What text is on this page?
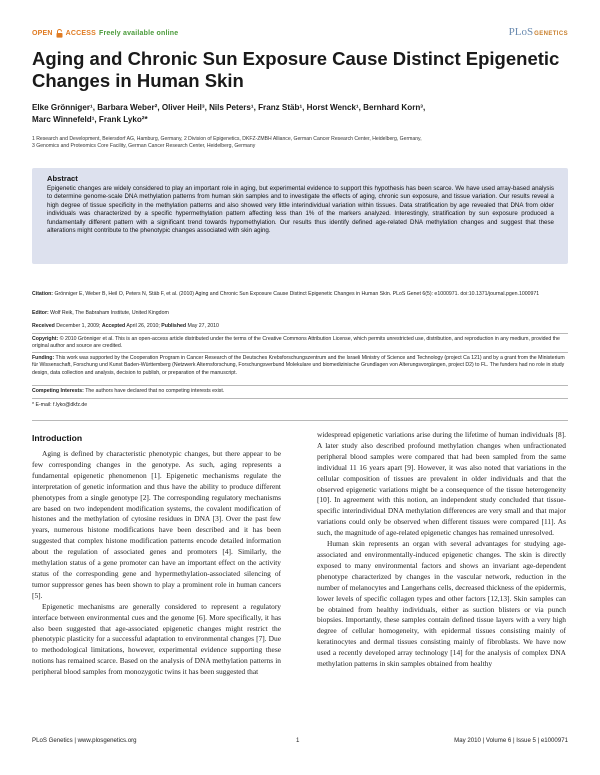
OPEN ACCESS Freely available online	PLoSGENETICS
Aging and Chronic Sun Exposure Cause Distinct Epigenetic Changes in Human Skin
Elke Grönniger¹, Barbara Weber², Oliver Heil³, Nils Peters¹, Franz Stäb¹, Horst Wenck¹, Bernhard Korn³,
Marc Winnefeld¹, Frank Lyko²*
1 Research and Development, Beiersdorf AG, Hamburg, Germany, 2 Division of Epigenetics, DKFZ-ZMBH Alliance, German Cancer Research Center, Heidelberg, Germany,
3 Genomics and Proteomics Core Facility, German Cancer Research Center, Heidelberg, Germany
Abstract

Epigenetic changes are widely considered to play an important role in aging, but experimental evidence to support this hypothesis has been scarce. We have used array-based analysis to determine genome-scale DNA methylation patterns from human skin samples and to investigate the effects of aging, chronic sun exposure, and tissue variation. Our results reveal a high degree of tissue specificity in the methylation patterns and also showed very little interindividual variation within tissues. Data stratification by age revealed that DNA from older individuals was characterized by a specific hypermethylation pattern affecting less than 1% of the markers analyzed. Interestingly, stratification by sun exposure produced a fundamentally different pattern with a significant trend towards hypomethylation. Our results thus identify defined age-related DNA methylation changes and suggest that these alterations might contribute to the phenotypic changes associated with skin aging.

Citation: Grönniger E, Weber B, Heil O, Peters N, Stäb F, et al. (2010) Aging and Chronic Sun Exposure Cause Distinct Epigenetic Changes in Human Skin. PLoS Genet 6(5): e1000971. doi:10.1371/journal.pgen.1000971
Editor: Wolf Reik, The Babraham Institute, United Kingdom
Received December 1, 2009; Accepted April 26, 2010; Published May 27, 2010
Copyright: © 2010 Grönniger et al. This is an open-access article distributed under the terms of the Creative Commons Attribution License, which permits unrestricted use, distribution, and reproduction in any medium, provided the original author and source are credited.
Funding: This work was supported by the Cooperation Program in Cancer Research of the Deutsches Krebsforschungszentrum and the Israeli Ministry of Science and Technology (project Ca 121) and by a grant from the Ministerium für Wissenschaft, Forschung und Kunst Baden-Württemberg (Netzwerk Alternsforschung, Forschungsverbund Molekulare und biomedizinische Grundlagen von Alterungsvorgängen, project D2) to FL. The funders had no role in study design, data collection and analysis, decision to publish, or preparation of the manuscript.
Competing Interests: The authors have declared that no competing interests exist.
* E-mail: f.lyko@dkfz.de
Introduction

Aging is defined by characteristic phenotypic changes, but there appear to be few corresponding changes in the genotype. As such, aging represents a fundamental epigenetic phenomenon [1]. Epigenetic mechanisms regulate the interpretation of genetic information and thus have the ability to produce different phenotypes from a single genotype [2]. The corresponding regulatory mechanisms are based on two independent modification systems, the covalent modification of histones and the methylation of cytosine residues in DNA [3]. Over the past few years, numerous histone modifications have been described and it has been suggested that complex histone modification patterns encode detailed information about the regulation of associated genes and promoters [4]. Similarly, the methylation status of a gene promoter can have an important effect on the activity status of the corresponding gene and hypermethylation-associated silencing of tumor suppressor genes has been shown to play a prominent role in human cancers [5].

Epigenetic mechanisms are generally considered to represent a regulatory interface between environmental cues and the genome [6]. More specifically, it has also been suggested that age-associated epigenetic changes might restrict the phenotypic plasticity for a successful adaptation to environmental changes [7]. Due to methodological limitations, however, experimental evidence supporting these notions has remained scarce. Based on the analysis of DNA methylation patterns in peripheral blood samples from monozygotic twins it has been suggested that

widespread epigenetic variations arise during the lifetime of human individuals [8]. A later study also described profound methylation changes when unfractionated peripheral blood samples were compared that had been sampled from the same individual 11 16 years apart [9]. However, it was also noted that variations in the cellular composition of tissues are prevalent in older individuals and that the observed epigenetic variations might be a consequence of the tissue heterogeneity [10]. In agreement with this notion, an independent study concluded that tissue-specific interindividual DNA methylation differences are very small and that major variations could only be observed when different tissues were compared [11]. As such, the magnitude of age-related epigenetic changes has remained unresolved.

Human skin represents an organ with several advantages for studying age-associated and environmentally-induced epigenetic changes. The skin is directly exposed to many environmental factors and shows an invariant age-dependent phenotype characterized by changes in the vascular network, reduction in the number of melanocytes and Langerhans cells, decreased thickness of the epidermis, lower levels of specific collagen types and other factors [12,13]. Skin samples can be obtained from healthy individuals, either as suction blisters or via punch biopsies. Importantly, these samples contain defined tissue layers with a very high degree of cellular homogeneity, with epidermal tissues consisting mainly of keratinocytes and dermal tissues consisting mainly of fibroblasts. We have now used a recently developed array technology [14] for the analysis of complex DNA methylation patterns in skin samples obtained from healthy

PLoS Genetics | www.plosgenetics.org	1	May 2010 | Volume 6 | Issue 5 | e1000971
